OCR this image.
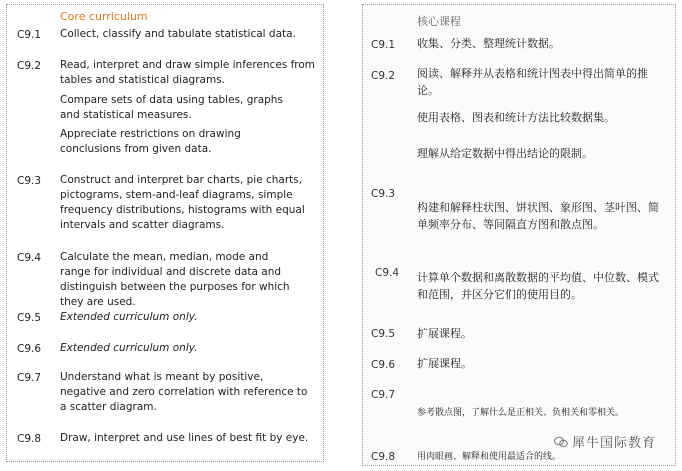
Core curriculum
C9.1 Collect, classify and tabulate statistical data.
C9.2 Read, interpret and draw simple inferences from tables and statistical diagrams.
Compare sets of data using tables, graphs and statistical measures.
Appreciate restrictions on drawing conclusions from given data.
C9.3 Construct and interpret bar charts, pie charts, pictograms, stem-and-leaf diagrams, simple frequency distributions, histograms with equal intervals and scatter diagrams.
C9.4 Calculate the mean, median, mode and range for individual and discrete data and distinguish between the purposes for which they are used.
C9.5 Extended curriculum only.
C9.6 Extended curriculum only.
C9.7 Understand what is meant by positive, negative and zero correlation with reference to a scatter diagram.
C9.8 Draw, interpret and use lines of best fit by eye.
核心课程
C9.1 收集、分类、整理统计数据。
C9.2 阅读、解释并从表格和统计图表中得出简单的推论。
使用表格、图表和统计方法比较数据集。
理解从给定数据中得出结论的限制。
C9.3
构建和解释柱状图、饼状图、象形图、茎叶图、简单频率分布、等间隔直方图和散点图。
C9.4 计算单个数据和离散数据的平均值、中位数、模式和范围，并区分它们的使用目的。
C9.5 扩展课程。
C9.6 扩展课程。
C9.7
参考散点图，了解什么是正相关、负相关和零相关。
C9.8 用肉眼画、解释和使用最适合的线。
犀牛国际教育
